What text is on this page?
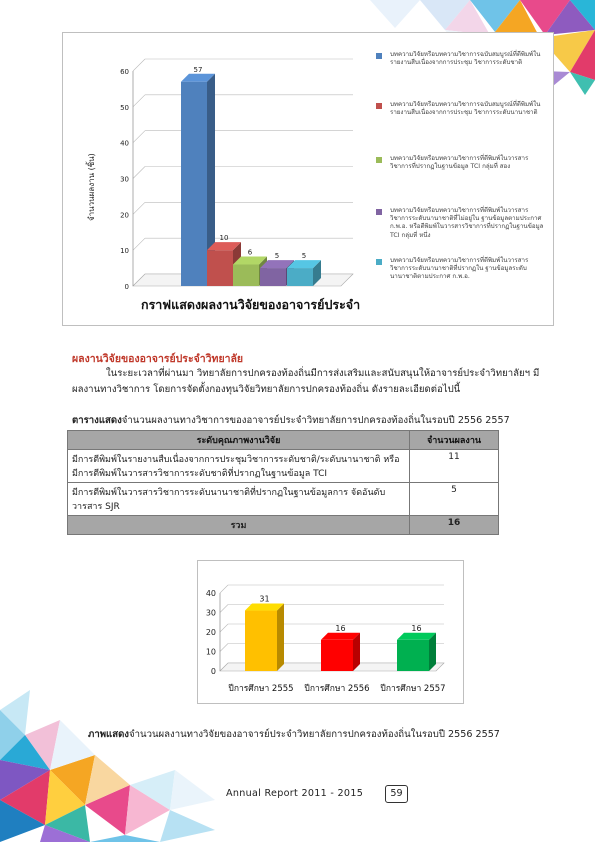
0
10
20
30
40
50
60	57
10
6	5	5
จำนวนผลงาน (ชิ้น)
บทความวิจัยหรือบทความวิชาการฉบับสมบูรณ์ที่ตีพิมพ์ในรายงานสืบเนื่องจากการประชุม วิชาการระดับชาติ
บทความวิจัยหรือบทความวิชาการฉบับสมบูรณ์ที่ตีพิมพ์ในรายงานสืบเนื่องจากการประชุม วิชาการระดับนานาชาติ
บทความวิจัยหรือบทความวิชาการที่ตีพิมพ์ในวารสารวิชาการที่ปรากฏในฐานข้อมูล TCI กลุ่มที่ สอง
บทความวิจัยหรือบทความวิชาการที่ตีพิมพ์ในวารสารวิชาการระดับนานาชาติที่ไม่อยู่ใน ฐานข้อมูลตามประกาศ ก.พ.อ. หรือตีพิมพ์ในวารสารวิชาการที่ปรากฏในฐานข้อมูล TCI กลุ่มที่ หนึ่ง
บทความวิจัยหรือบทความวิชาการที่ตีพิมพ์ในวารสารวิชาการระดับนานาชาติที่ปรากฏใน ฐานข้อมูลระดับนานาชาติตามประกาศ ก.พ.อ.
กราฟแสดงผลงานวิจัยของอาจารย์ประจำ
ผลงานวิจัยของอาจารย์ประจำวิทยาลัย
ในระยะเวลาที่ผ่านมา วิทยาลัยการปกครองท้องถิ่นมีการส่งเสริมและสนับสนุนให้อาจารย์ประจำวิทยาลัยฯ มีผลงานทางวิชาการ โดยการจัดตั้งกองทุนวิจัยวิทยาลัยการปกครองท้องถิ่น ดังรายละเอียดต่อไปนี้
ตารางแสดงจำนวนผลงานทางวิชาการของอาจารย์ประจำวิทยาลัยการปกครองท้องถิ่นในรอบปี 2556 2557
ระดับคุณภาพงานวิจัย	จำนวนผลงาน
มีการตีพิมพ์ในรายงานสืบเนื่องจากการประชุมวิชาการระดับชาติ/ระดับนานาชาติ หรือมีการตีพิมพ์ในวารสารวิชาการระดับชาติที่ปรากฏในฐานข้อมูล TCI	11
มีการตีพิมพ์ในวารสารวิชาการระดับนานาชาติที่ปรากฏในฐานข้อมูลการ จัดอันดับวารสาร SJR	5
รวม	16
0
10
20
30
40
31
ปีการศึกษา 2555
16
ปีการศึกษา 2556
16
ปีการศึกษา 2557
ภาพแสดงจำนวนผลงานทางวิจัยของอาจารย์ประจำวิทยาลัยการปกครองท้องถิ่นในรอบปี 2556 2557
Annual Report 2011 - 2015	59
